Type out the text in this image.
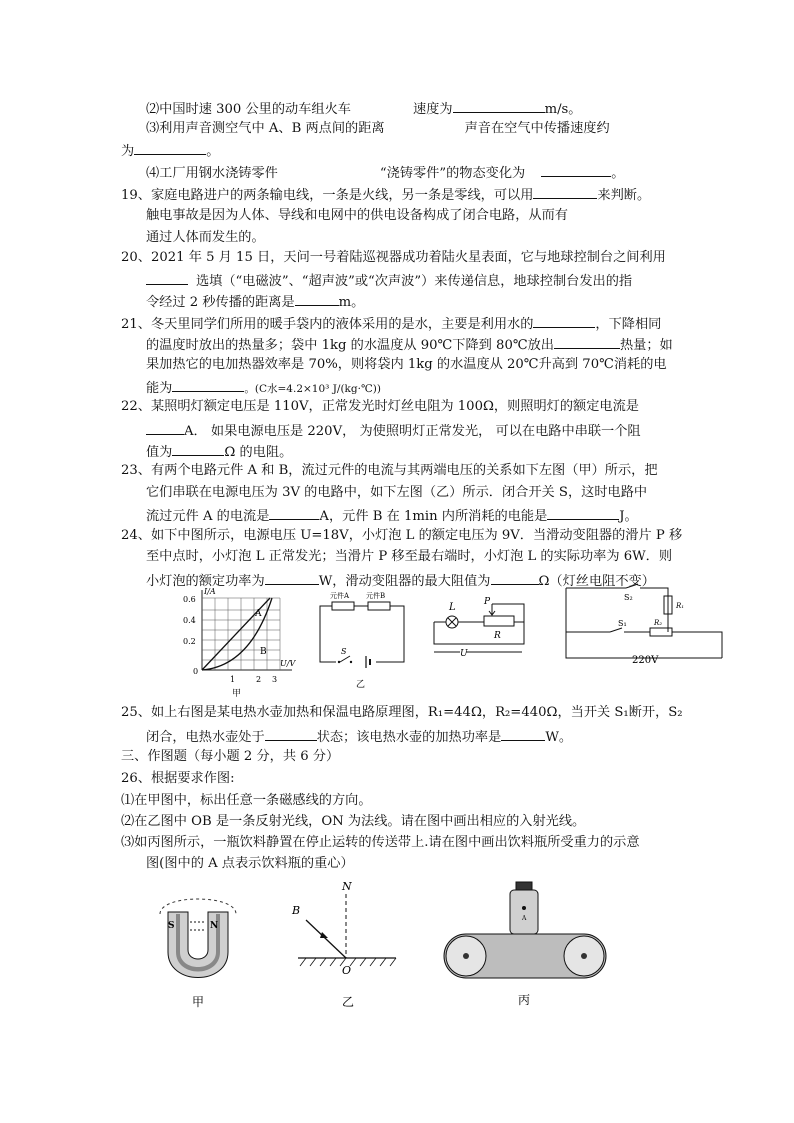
⑵中国时速 300 公里的动车组火车	速度为	m/s。
⑶利用声音测空气中 A、B 两点间的距离	声音在空气中传播速度约
为	。
⑷工厂用钢水浇铸零件	“浇铸零件”的物态变化为	。
19、家庭电路进户的两条输电线，一条是火线，另一条是零线，可以用	来判断。
触电事故是因为人体、导线和电网中的供电设备构成了闭合电路，从而有
通过人体而发生的。
20、2021 年 5 月 15 日，天问一号着陆巡视器成功着陆火星表面，它与地球控制台之间利用
选填（“电磁波”、“超声波”或“次声波”）来传递信息，地球控制台发出的指
令经过 2 秒传播的距离是	m。
21、冬天里同学们所用的暖手袋内的液体采用的是水，主要是利用水的	，下降相同
的温度时放出的热量多；袋中 1kg 的水温度从 90℃下降到 80℃放出	热量；如
果加热它的电加热器效率是 70%，则将袋内 1kg 的水温度从 20℃升高到 70℃消耗的电
能为	。(C水=4.2×10³ J/(kg·℃))
22、某照明灯额定电压是 110V，正常发光时灯丝电阻为 100Ω，则照明灯的额定电流是
A． 如果电源电压是 220V， 为使照明灯正常发光， 可以在电路中串联一个阻
值为	Ω 的电阻。
23、有两个电路元件 A 和 B，流过元件的电流与其两端电压的关系如下左图（甲）所示，把
它们串联在电源电压为 3V 的电路中，如下左图（乙）所示．闭合开关 S，这时电路中
流过元件 A 的电流是	A，元件 B 在 1min 内所消耗的电能是	J。
24、如下中图所示，电源电压 U=18V，小灯泡 L 的额定电压为 9V．当滑动变阻器的滑片 P 移
至中点时，小灯泡 L 正常发光；当滑片 P 移至最右端时，小灯泡 L 的实际功率为 6W．则
小灯泡的额定功率为	W，滑动变阻器的最大阻值为	Ω（灯丝电阻不变）
0.6
0.4
0.2
0
1	2 3
I/A
U/V
A
B
甲
元件A 元件B
S
乙
L	P
R
U
S₂
S₁
R₁
R₂
220V
25、如上右图是某电热水壶加热和保温电路原理图，R₁=44Ω，R₂=440Ω，当开关 S₁断开，S₂
闭合，电热水壶处于	状态；该电热水壶的加热功率是	W。
三、作图题（每小题 2 分，共 6 分）
26、根据要求作图:
⑴在甲图中，标出任意一条磁感线的方向。
⑵在乙图中 OB 是一条反射光线，ON 为法线。请在图中画出相应的入射光线。
⑶如丙图所示，一瓶饮料静置在停止运转的传送带上.请在图中画出饮料瓶所受重力的示意
图(图中的 A 点表示饮料瓶的重心）
S	N
甲
N
B
O
乙
A
丙
